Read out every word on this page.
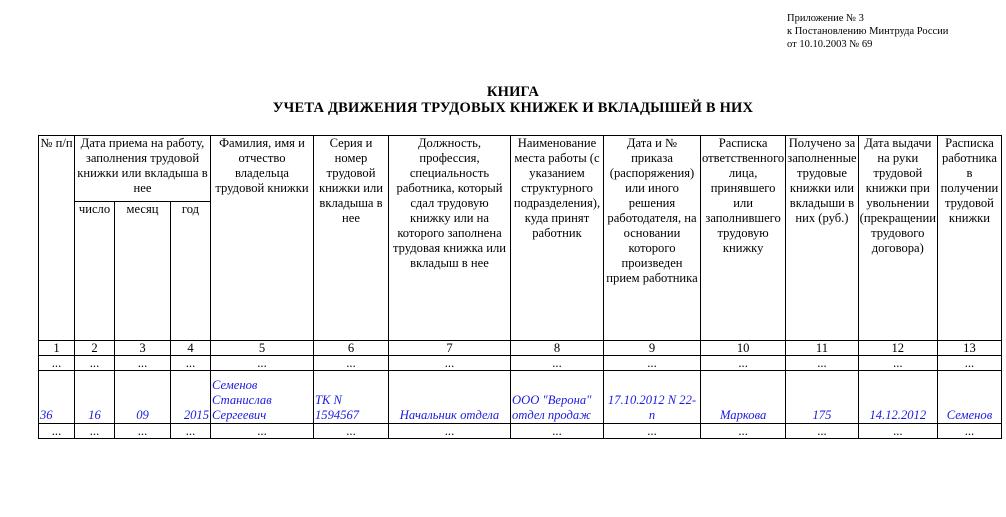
Приложение № 3
к Постановлению Минтруда России
от 10.10.2003 № 69
КНИГА
УЧЕТА ДВИЖЕНИЯ ТРУДОВЫХ КНИЖЕК И ВКЛАДЫШЕЙ В НИХ
№ п/п	Дата приема на работу, заполнения трудовой книжки или вкладыша в нее			Фамилия, имя и отчество владельца трудовой книжки	Серия и номер трудовой книжки или вкладыша в нее	Должность, профессия, специальность работника, который сдал трудовую книжку или на которого заполнена трудовая книжка или вкладыш в нее	Наименование места работы (с указанием структурного подразделения), куда принят работник	Дата и № приказа (распоряжения) или иного решения работодателя, на основании которого произведен прием работника	Расписка ответственного лица, принявшего или заполнившего трудовую книжку	Получено за заполненные трудовые книжки или вкладыши в них (руб.)	Дата выдачи на руки трудовой книжки при увольнении (прекращении трудового договора)	Расписка работника в получении трудовой книжки
	число	месяц	год									
1	2	3	4	5	6	7	8	9	10	11	12	13
...	...	...	...	...	...	...	...	...	...	...	...	...
36	16	09	2015	Семенов Станислав Сергеевич	ТК N 1594567	Начальник отдела	ООО "Верона" отдел продаж	17.10.2012 N 22-п	Маркова	175	14.12.2012	Семенов
...	...	...	...	...	...	...	...	...	...	...	...	...
